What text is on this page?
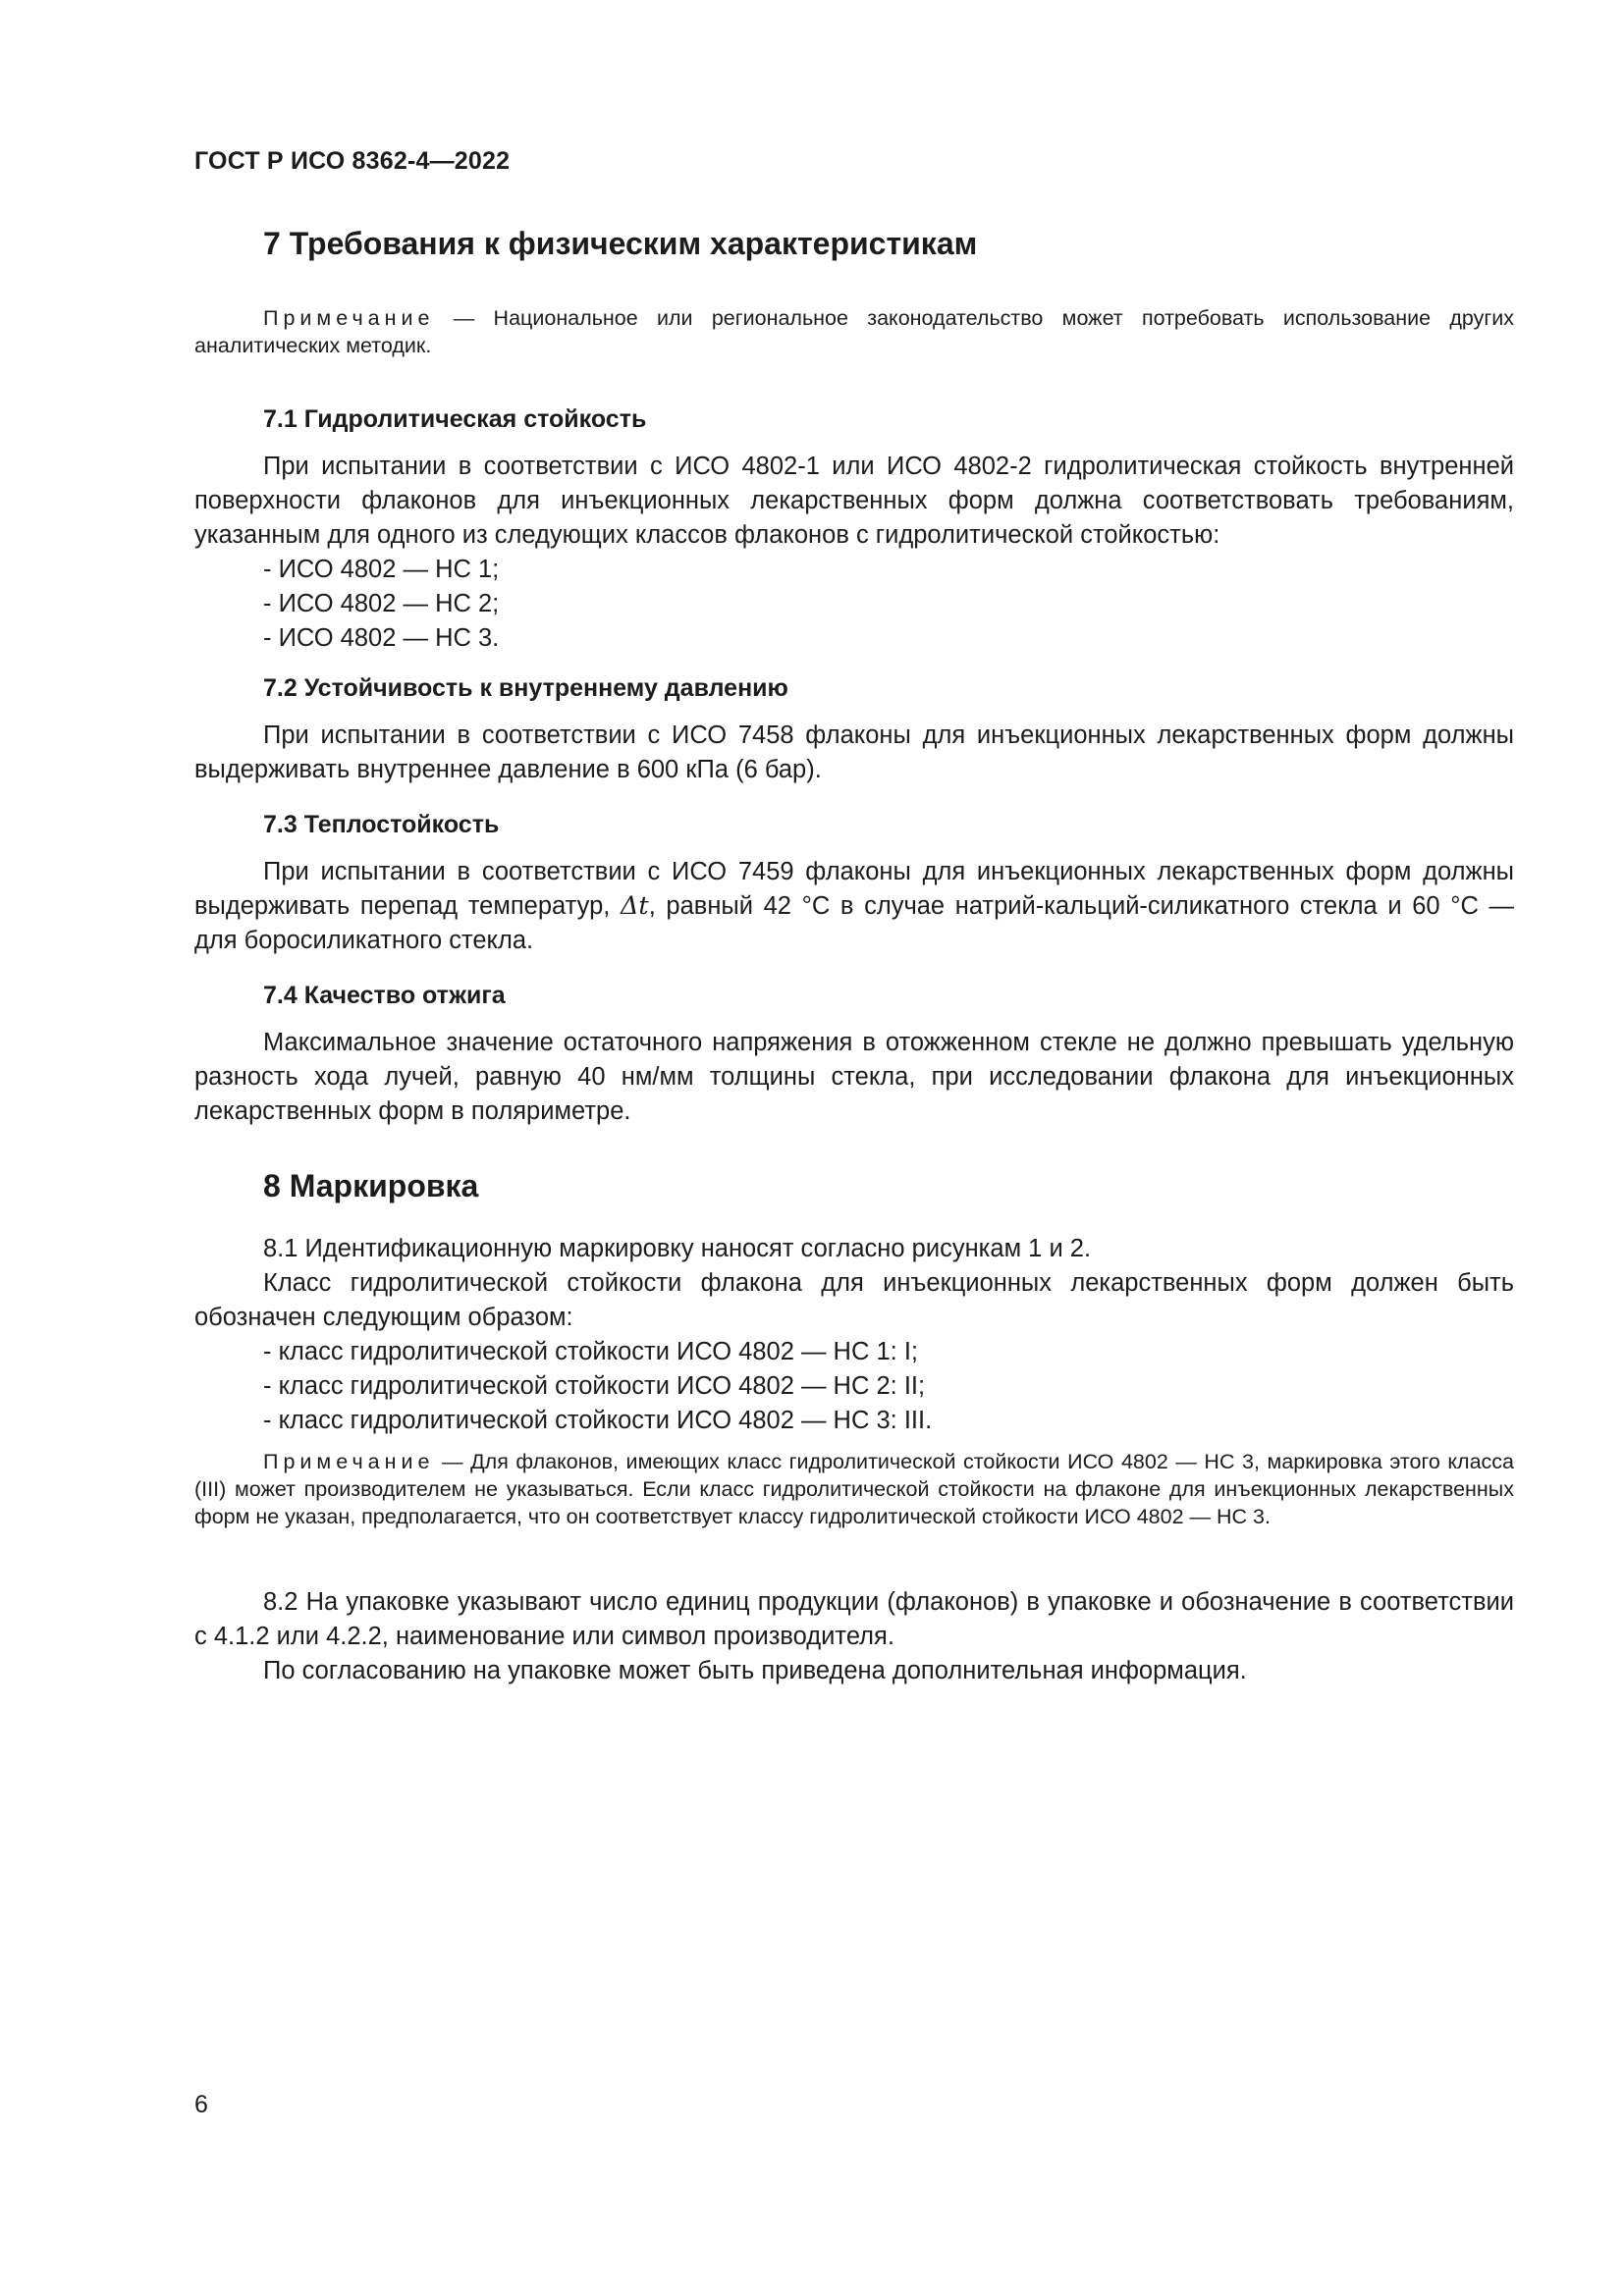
ГОСТ Р ИСО 8362-4—2022
7 Требования к физическим характеристикам
Примечание — Национальное или региональное законодательство может потребовать использование других аналитических методик.
7.1 Гидролитическая стойкость
При испытании в соответствии с ИСО 4802-1 или ИСО 4802-2 гидролитическая стойкость внутренней поверхности флаконов для инъекционных лекарственных форм должна соответствовать требованиям, указанным для одного из следующих классов флаконов с гидролитической стойкостью:
- ИСО 4802 — HC 1;
- ИСО 4802 — HC 2;
- ИСО 4802 — HC 3.
7.2 Устойчивость к внутреннему давлению
При испытании в соответствии с ИСО 7458 флаконы для инъекционных лекарственных форм должны выдерживать внутреннее давление в 600 кПа (6 бар).
7.3 Теплостойкость
При испытании в соответствии с ИСО 7459 флаконы для инъекционных лекарственных форм должны выдерживать перепад температур, Δt, равный 42 °С в случае натрий-кальций-силикатного стекла и 60 °С — для боросиликатного стекла.
7.4 Качество отжига
Максимальное значение остаточного напряжения в отожженном стекле не должно превышать удельную разность хода лучей, равную 40 нм/мм толщины стекла, при исследовании флакона для инъекционных лекарственных форм в поляриметре.
8 Маркировка
8.1 Идентификационную маркировку наносят согласно рисункам 1 и 2.
Класс гидролитической стойкости флакона для инъекционных лекарственных форм должен быть обозначен следующим образом:
- класс гидролитической стойкости ИСО 4802 — HC 1: I;
- класс гидролитической стойкости ИСО 4802 — HC 2: II;
- класс гидролитической стойкости ИСО 4802 — HC 3: III.
Примечание — Для флаконов, имеющих класс гидролитической стойкости ИСО 4802 — HC 3, маркировка этого класса (III) может производителем не указываться. Если класс гидролитической стойкости на флаконе для инъекционных лекарственных форм не указан, предполагается, что он соответствует классу гидролитической стойкости ИСО 4802 — HC 3.
8.2 На упаковке указывают число единиц продукции (флаконов) в упаковке и обозначение в соответствии с 4.1.2 или 4.2.2, наименование или символ производителя.
По согласованию на упаковке может быть приведена дополнительная информация.
6
